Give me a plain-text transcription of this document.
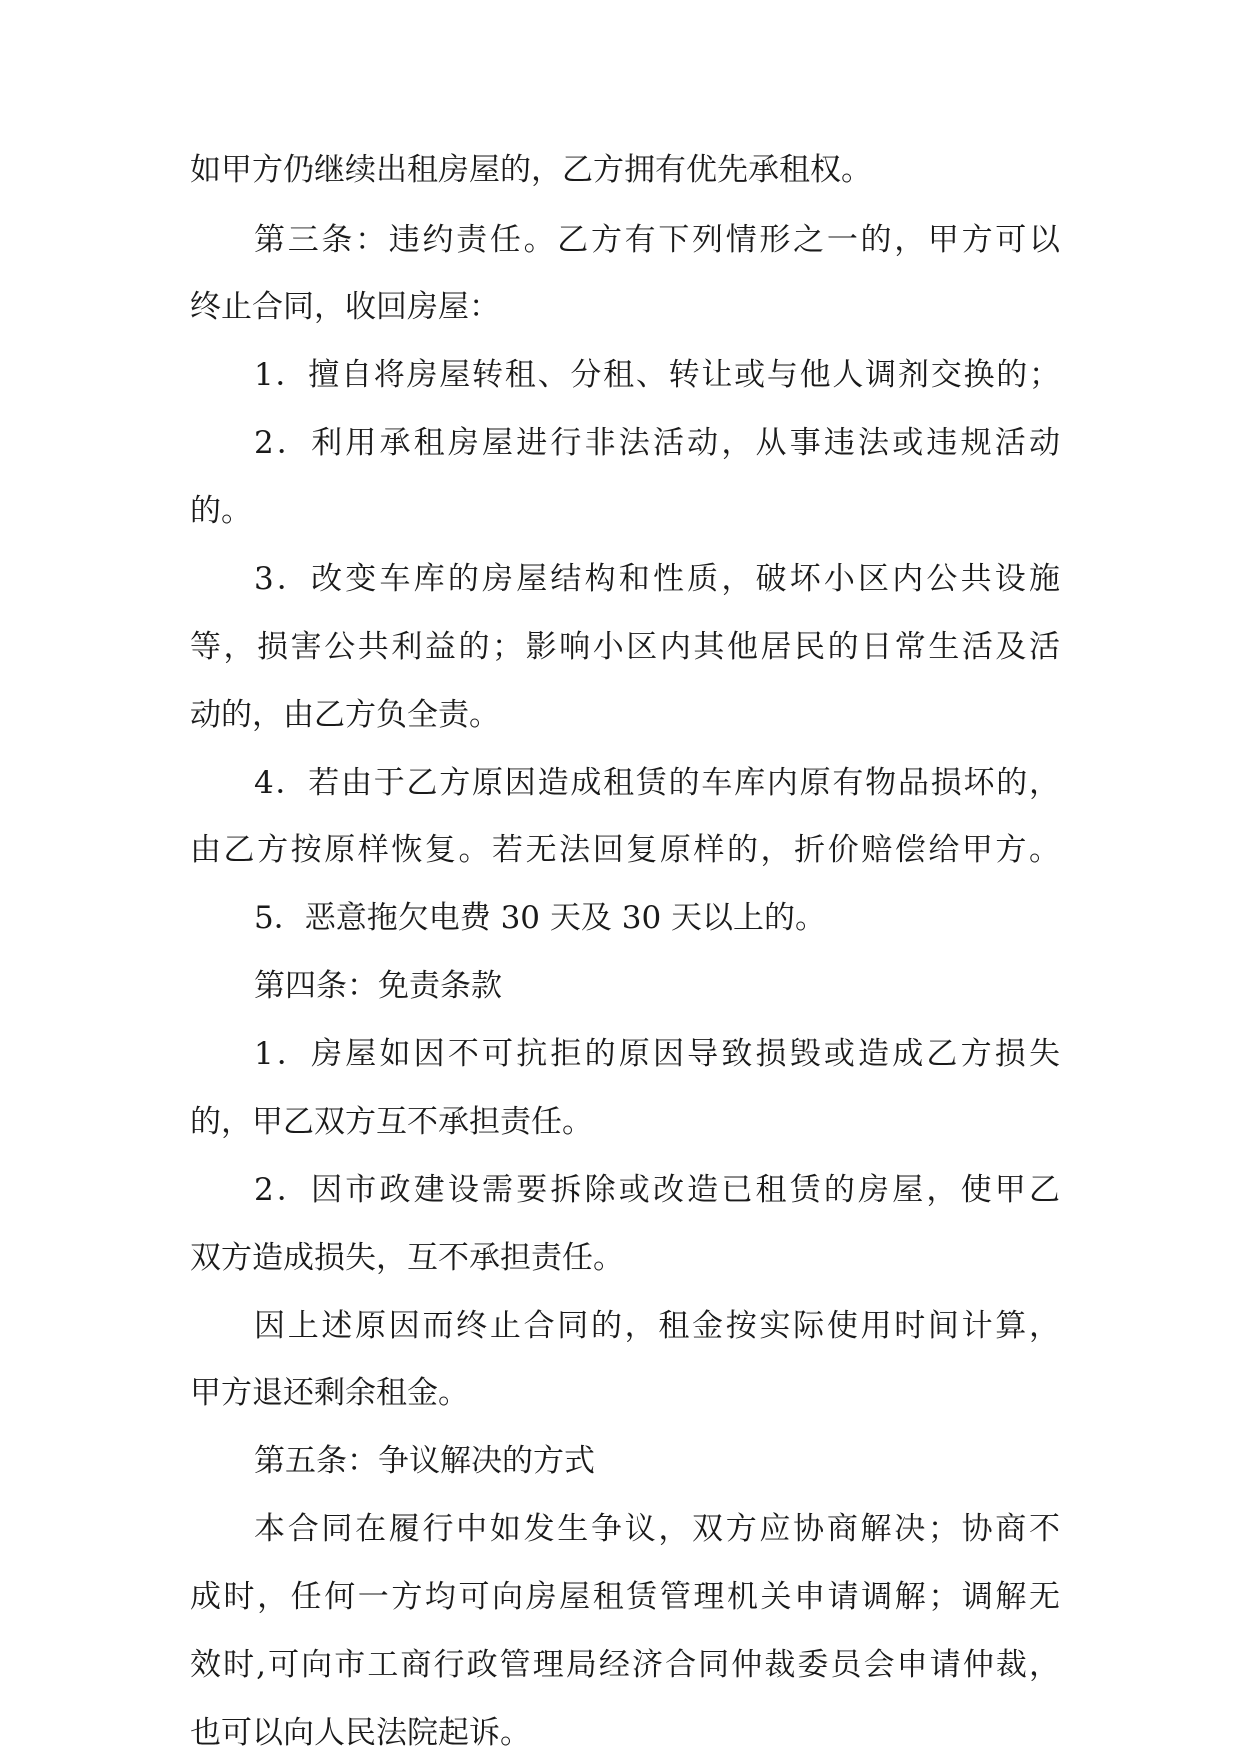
如甲方仍继续出租房屋的，乙方拥有优先承租权。
第三条：违约责任。乙方有下列情形之一的，甲方可以
终止合同，收回房屋：
1．擅自将房屋转租、分租、转让或与他人调剂交换的；
2．利用承租房屋进行非法活动，从事违法或违规活动
的。
3．改变车库的房屋结构和性质，破坏小区内公共设施
等，损害公共利益的；影响小区内其他居民的日常生活及活
动的，由乙方负全责。
4．若由于乙方原因造成租赁的车库内原有物品损坏的，
由乙方按原样恢复。若无法回复原样的，折价赔偿给甲方。
5．恶意拖欠电费 30 天及 30 天以上的。
第四条：免责条款
1．房屋如因不可抗拒的原因导致损毁或造成乙方损失
的，甲乙双方互不承担责任。
2．因市政建设需要拆除或改造已租赁的房屋，使甲乙
双方造成损失，互不承担责任。
因上述原因而终止合同的，租金按实际使用时间计算，
甲方退还剩余租金。
第五条：争议解决的方式
本合同在履行中如发生争议，双方应协商解决；协商不
成时，任何一方均可向房屋租赁管理机关申请调解；调解无
效时,可向市工商行政管理局经济合同仲裁委员会申请仲裁，
也可以向人民法院起诉。
